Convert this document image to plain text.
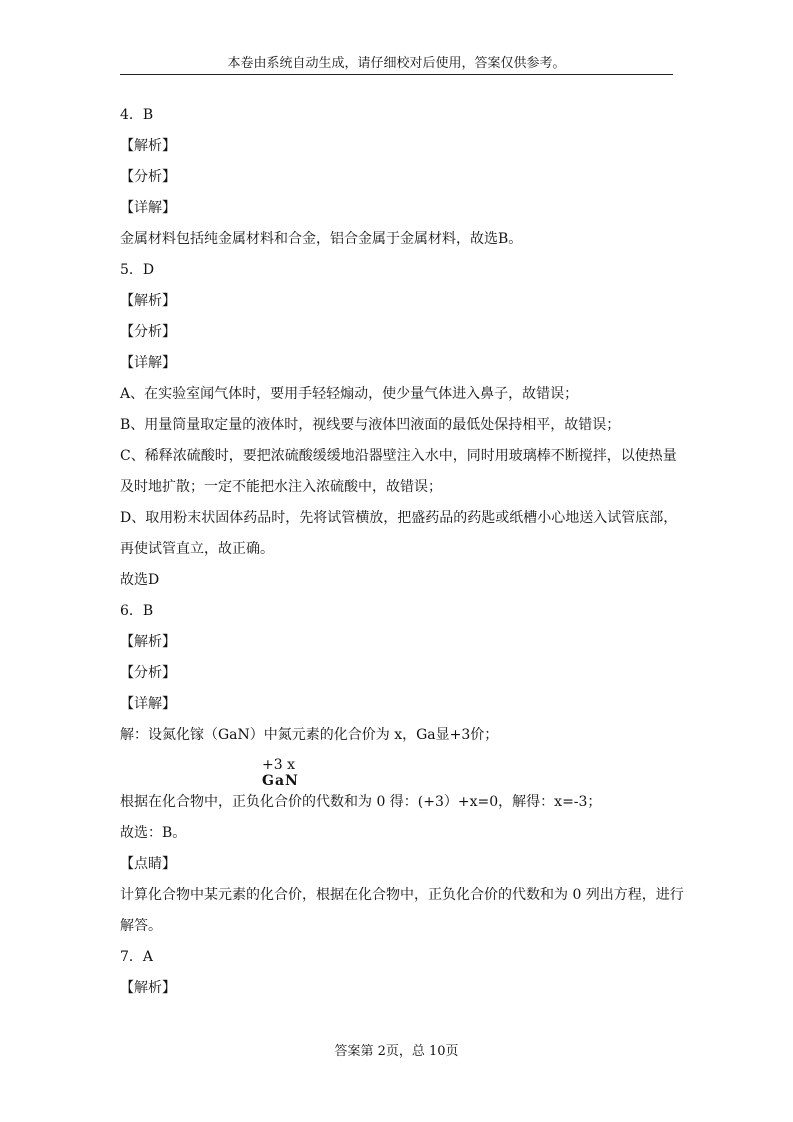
本卷由系统自动生成，请仔细校对后使用，答案仅供参考。
4．B
【解析】
【分析】
【详解】
金属材料包括纯金属材料和合金，铝合金属于金属材料，故选B。
5．D
【解析】
【分析】
【详解】
A、在实验室闻气体时，要用手轻轻煽动，使少量气体进入鼻子，故错误；
B、用量筒量取定量的液体时，视线要与液体凹液面的最低处保持相平，故错误；
C、稀释浓硫酸时，要把浓硫酸缓缓地沿器壁注入水中，同时用玻璃棒不断搅拌，以使热量
及时地扩散；一定不能把水注入浓硫酸中，故错误；
D、取用粉末状固体药品时，先将试管横放，把盛药品的药匙或纸槽小心地送入试管底部，
再使试管直立，故正确。
故选D
6．B
【解析】
【分析】
【详解】
解：设氮化镓（GaN）中氮元素的化合价为 x，Ga显+3价；
根据在化合物中，正负化合价的代数和为 0 得：(+3）+x=0，解得：x=-3；
故选：B。
【点睛】
计算化合物中某元素的化合价，根据在化合物中，正负化合价的代数和为 0 列出方程，进行
解答。
7．A
【解析】
+3 x
GaN
答案第 2页，总 10页
